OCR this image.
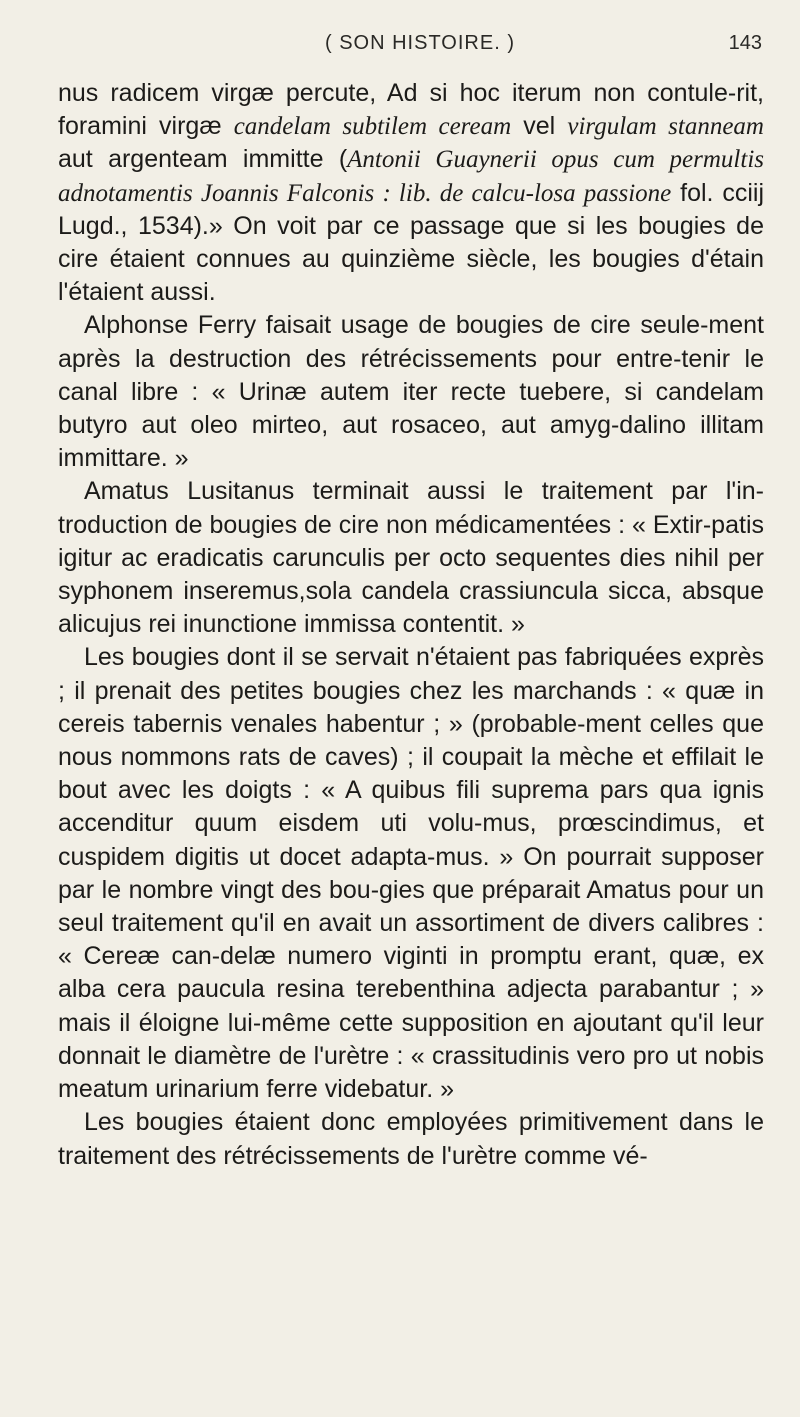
( SON HISTOIRE. )	143

nus radicem virgæ percute, Ad si hoc iterum non contule-rit, foramini virgæ candelam subtilem ceream vel virgulam stanneam aut argenteam immitte (Antonii Guaynerii opus cum permultis adnotamentis Joannis Falconis : lib. de calcu-losa passione fol. cciij Lugd., 1534).» On voit par ce passage que si les bougies de cire étaient connues au quinzième siècle, les bougies d'étain l'étaient aussi.

Alphonse Ferry faisait usage de bougies de cire seule-ment après la destruction des rétrécissements pour entre-tenir le canal libre : « Urinæ autem iter recte tuebere, si candelam butyro aut oleo mirteo, aut rosaceo, aut amyg-dalino illitam immittare. »

Amatus Lusitanus terminait aussi le traitement par l'in-troduction de bougies de cire non médicamentées : « Extir-patis igitur ac eradicatis carunculis per octo sequentes dies nihil per syphonem inseremus,sola candela crassiuncula sicca, absque alicujus rei inunctione immissa contentit. »

Les bougies dont il se servait n'étaient pas fabriquées exprès ; il prenait des petites bougies chez les marchands : « quæ in cereis tabernis venales habentur ; » (probable-ment celles que nous nommons rats de caves) ; il coupait la mèche et effilait le bout avec les doigts : « A quibus fili suprema pars qua ignis accenditur quum eisdem uti volu-mus, prœscindimus, et cuspidem digitis ut docet adapta-mus. » On pourrait supposer par le nombre vingt des bou-gies que préparait Amatus pour un seul traitement qu'il en avait un assortiment de divers calibres : « Cereæ can-delæ numero viginti in promptu erant, quæ, ex alba cera paucula resina terebenthina adjecta parabantur ; » mais il éloigne lui-même cette supposition en ajoutant qu'il leur donnait le diamètre de l'urètre : « crassitudinis vero pro ut nobis meatum urinarium ferre videbatur. »

Les bougies étaient donc employées primitivement dans le traitement des rétrécissements de l'urètre comme vé-
